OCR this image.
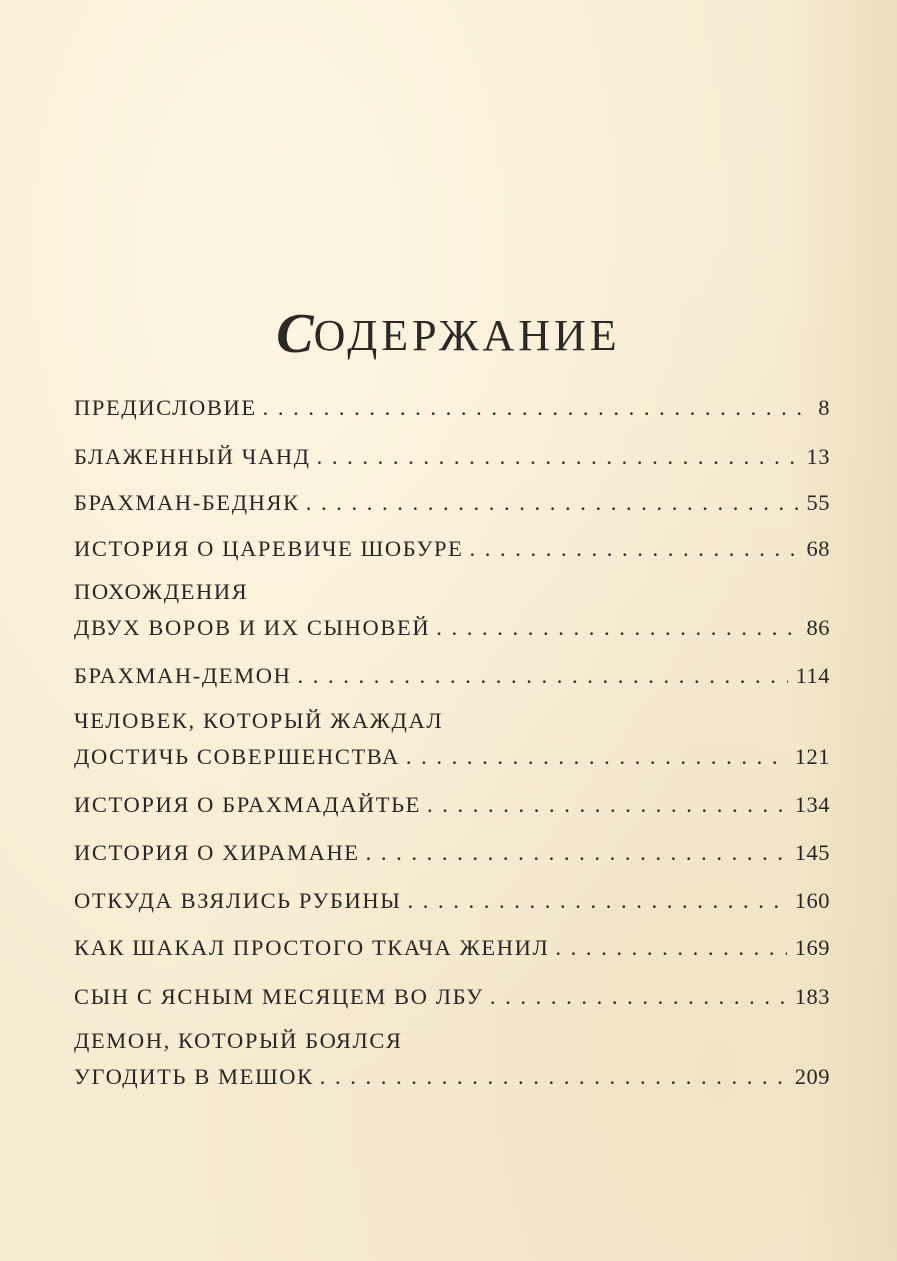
СОДЕРЖАНИЕ
ПРЕДИСЛОВИЕ . . .	8
БЛАЖЕННЫЙ ЧАНД . . .	13
БРАХМАН-БЕДНЯК . . .	55
ИСТОРИЯ О ЦАРЕВИЧЕ ШОБУРЕ . . .	68
ПОХОЖДЕНИЯ
ДВУХ ВОРОВ И ИХ СЫНОВЕЙ . . .	86
БРАХМАН-ДЕМОН . . .	114
ЧЕЛОВЕК, КОТОРЫЙ ЖАЖДАЛ
ДОСТИЧЬ СОВЕРШЕНСТВА . . .	121
ИСТОРИЯ О БРАХМАДАЙТЬЕ . . .	134
ИСТОРИЯ О ХИРАМАНЕ . . .	145
ОТКУДА ВЗЯЛИСЬ РУБИНЫ . . .	160
КАК ШАКАЛ ПРОСТОГО ТКАЧА ЖЕНИЛ . . .	169
СЫН С ЯСНЫМ МЕСЯЦЕМ ВО ЛБУ . . .	183
ДЕМОН, КОТОРЫЙ БОЯЛСЯ
УГОДИТЬ В МЕШОК . . .	209
